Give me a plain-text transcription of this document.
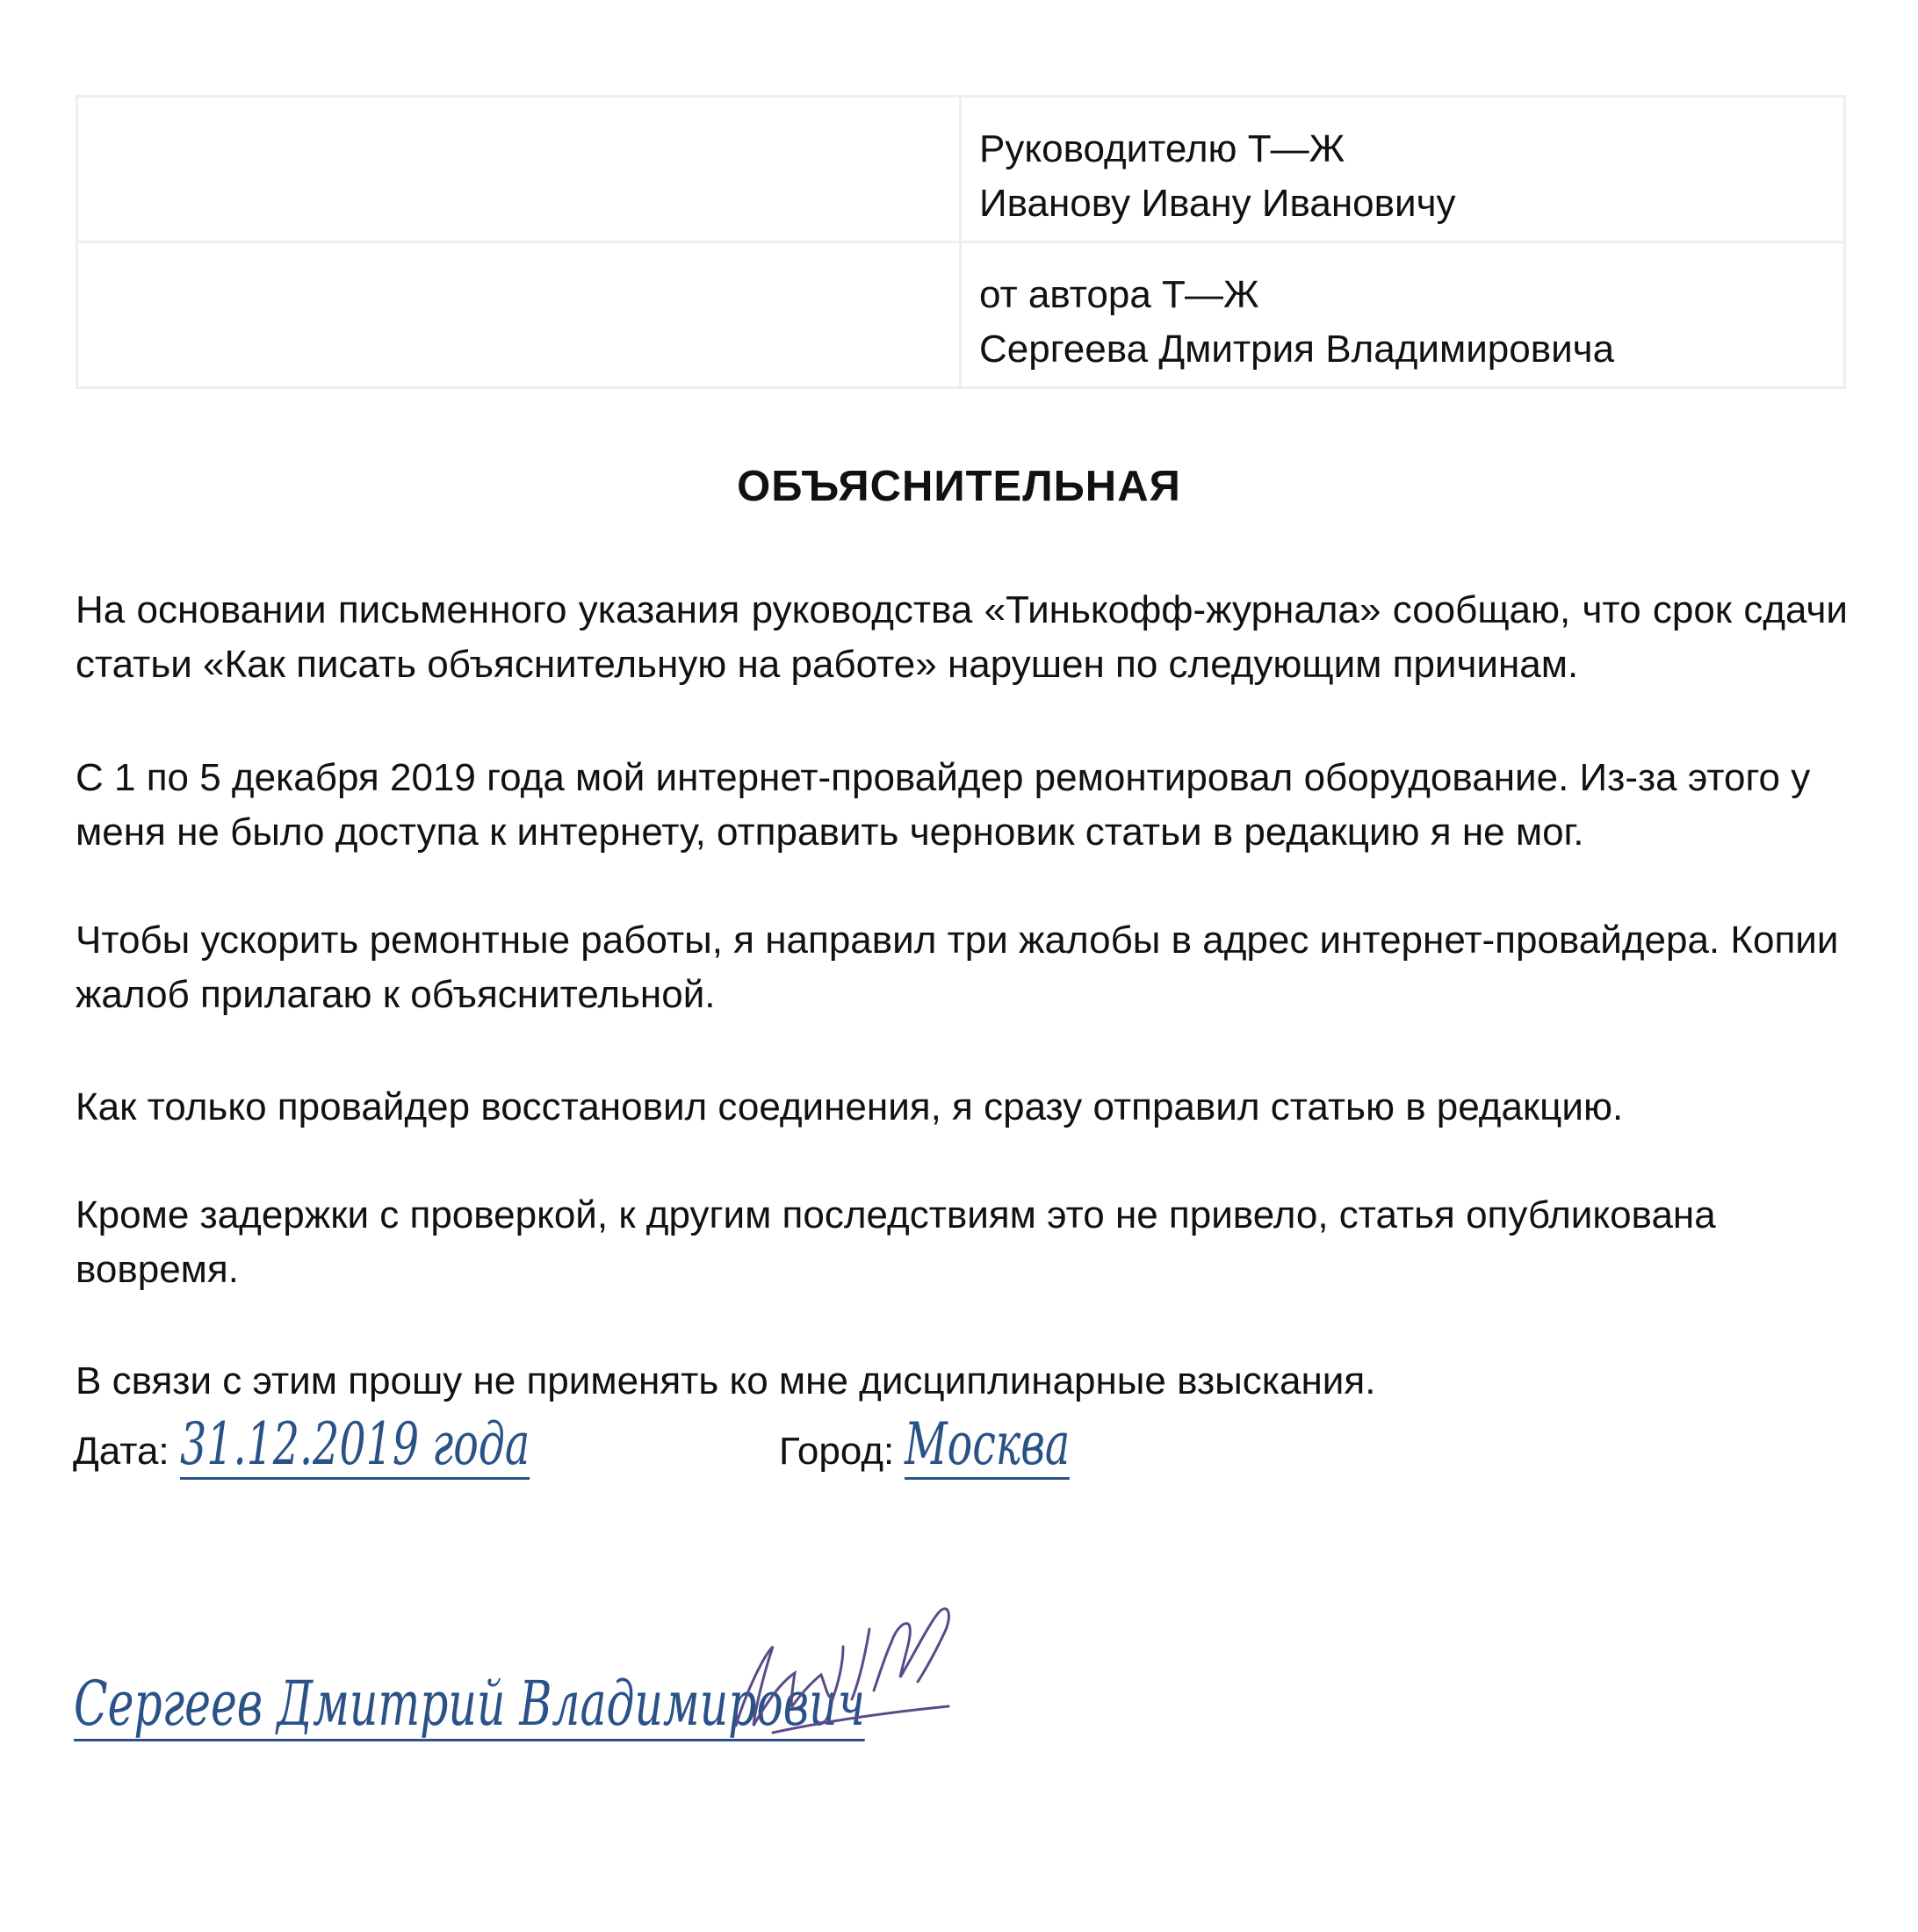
	Руководителю Т—Ж
Иванову Ивану Ивановичу

	от автора Т—Ж
Сергеева Дмитрия Владимировича
ОБЪЯСНИТЕЛЬНАЯ
На основании письменного указания руководства «Тинькофф-журнала» сообщаю, что срок сдачи статьи «Как писать объяснительную на работе» нарушен по следующим причинам.
С 1 по 5 декабря 2019 года мой интернет-провайдер ремонтировал оборудование. Из-за этого у меня не было доступа к интернету, отправить черновик статьи в редакцию я не мог.
Чтобы ускорить ремонтные работы, я направил три жалобы в адрес интернет-провайдера. Копии жалоб прилагаю к объяснительной.
Как только провайдер восстановил соединения, я сразу отправил статью в редакцию.
Кроме задержки с проверкой, к другим последствиям это не привело, статья опубликована вовремя.
В связи с этим прошу не применять ко мне дисциплинарные взыскания.
Дата: 31.12.2019 года	Город: Москва
Сергеев Дмитрий Владимирович
